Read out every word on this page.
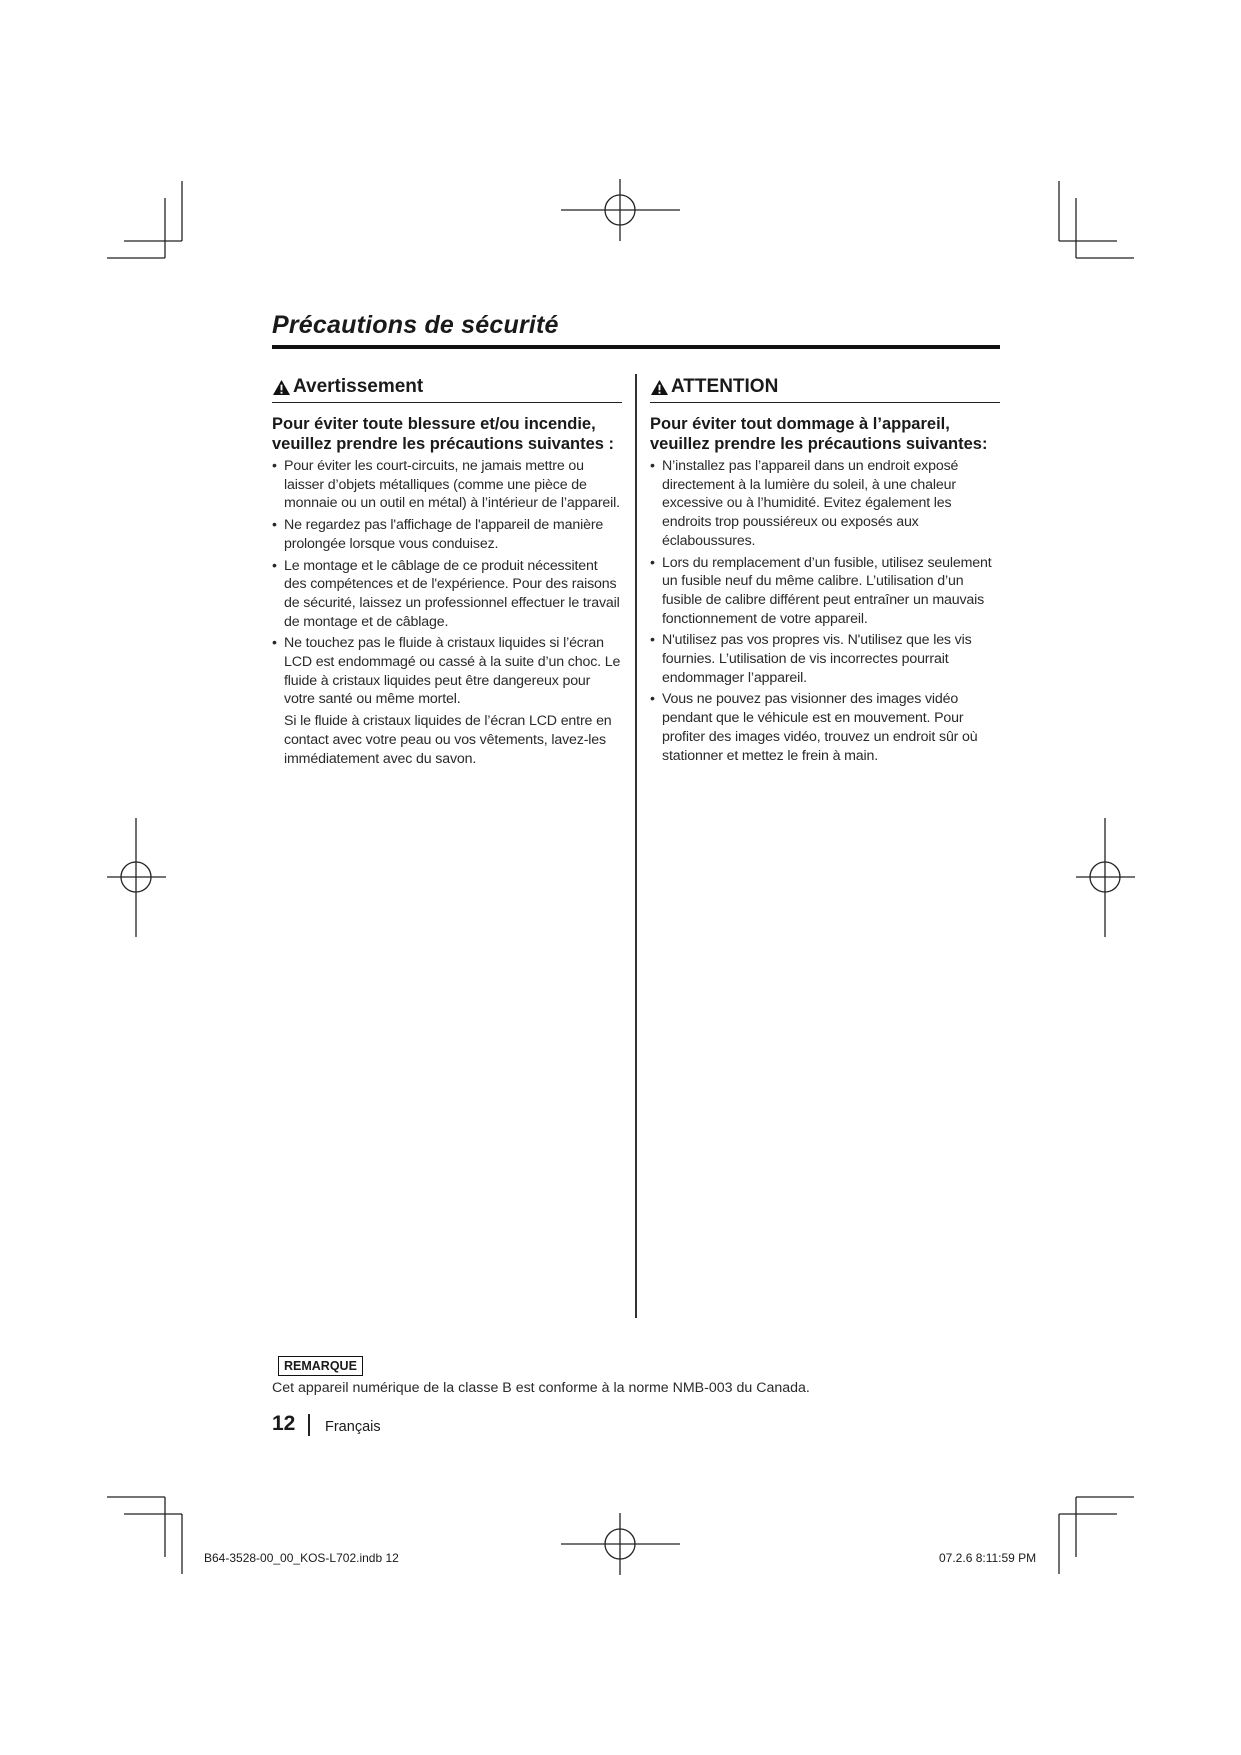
Précautions de sécurité
Avertissement
Pour éviter toute blessure et/ou incendie, veuillez prendre les précautions suivantes :
• Pour éviter les court-circuits, ne jamais mettre ou laisser d’objets métalliques (comme une pièce de monnaie ou un outil en métal) à l’intérieur de l’appareil.
• Ne regardez pas l'affichage de l'appareil de manière prolongée lorsque vous conduisez.
• Le montage et le câblage de ce produit nécessitent des compétences et de l'expérience. Pour des raisons de sécurité, laissez un professionnel effectuer le travail de montage et de câblage.
• Ne touchez pas le fluide à cristaux liquides si l’écran LCD est endommagé ou cassé à la suite d’un choc. Le fluide à cristaux liquides peut être dangereux pour votre santé ou même mortel.
Si le fluide à cristaux liquides de l’écran LCD entre en contact avec votre peau ou vos vêtements, lavez-les immédiatement avec du savon.
ATTENTION
Pour éviter tout dommage à l’appareil, veuillez prendre les précautions suivantes:
• N’installez pas l’appareil dans un endroit exposé directement à la lumière du soleil, à une chaleur excessive ou à l’humidité. Evitez également les endroits trop poussiéreux ou exposés aux éclaboussures.
• Lors du remplacement d’un fusible, utilisez seulement un fusible neuf du même calibre. L’utilisation d’un fusible de calibre différent peut entraîner un mauvais fonctionnement de votre appareil.
• N'utilisez pas vos propres vis. N'utilisez que les vis fournies. L’utilisation de vis incorrectes pourrait endommager l’appareil.
• Vous ne pouvez pas visionner des images vidéo pendant que le véhicule est en mouvement. Pour profiter des images vidéo, trouvez un endroit sûr où stationner et mettez le frein à main.
REMARQUE
Cet appareil numérique de la classe B est conforme à la norme NMB-003 du Canada.
12 Français
B64-3528-00_00_KOS-L702.indb 12	07.2.6 8:11:59 PM
